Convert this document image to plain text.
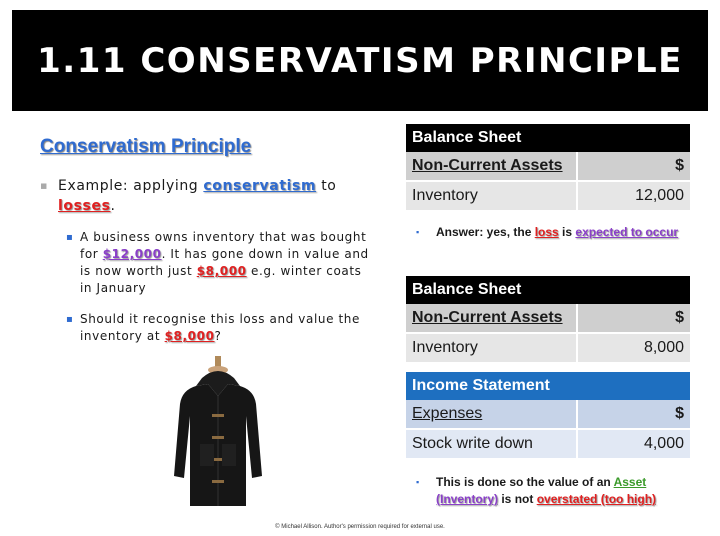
1.11 CONSERVATISM PRINCIPLE
Conservatism Principle
▪ Example: applying conservatism to
losses.
▪ A business owns inventory that was bought for $12,000. It has gone down in value and is now worth just $8,000 e.g. winter coats in January
▪ Should it recognise this loss and value the inventory at $8,000?
Balance Sheet	
Non-Current Assets	$
Inventory	12,000
▪ Answer: yes, the loss is expected to occur
Balance Sheet	
Non-Current Assets	$
Inventory	8,000
Income Statement	
Expenses	$
Stock write down	4,000
▪ This is done so the value of an Asset
(Inventory) is not overstated (too high)
© Michael Allison. Author's permission required for external use.
